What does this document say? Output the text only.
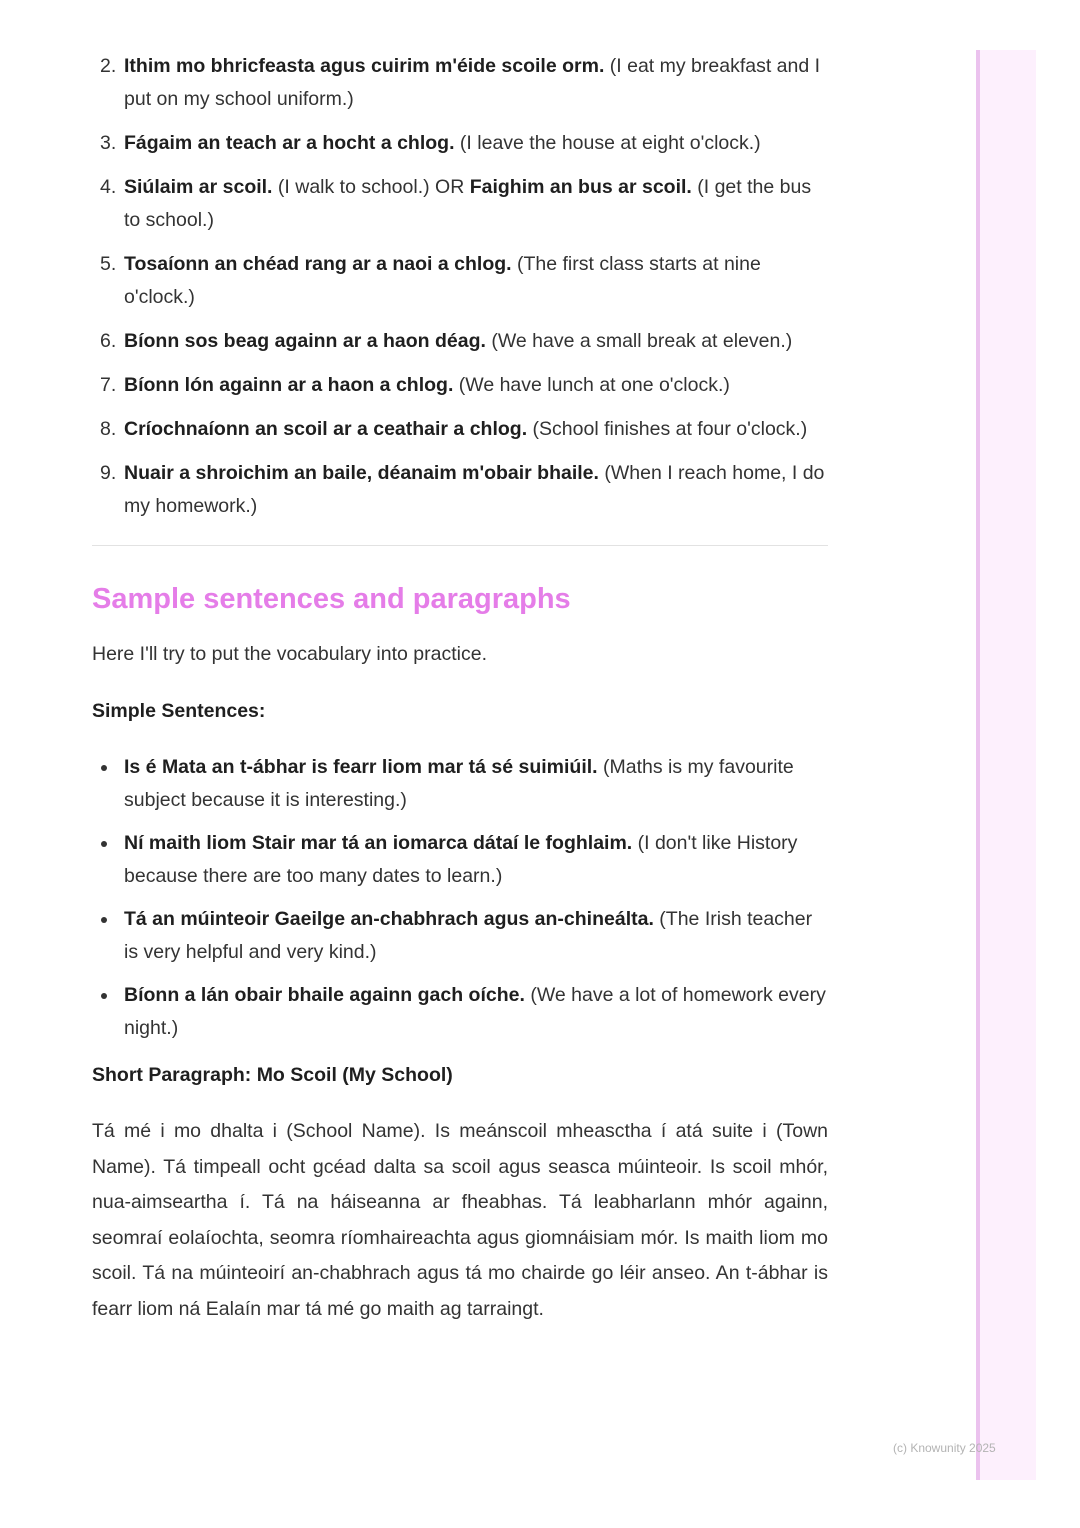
2. Ithim mo bhricfeasta agus cuirim m'éide scoile orm. (I eat my breakfast and I put on my school uniform.)
3. Fágaim an teach ar a hocht a chlog. (I leave the house at eight o'clock.)
4. Siúlaim ar scoil. (I walk to school.) OR Faighim an bus ar scoil. (I get the bus to school.)
5. Tosaíonn an chéad rang ar a naoi a chlog. (The first class starts at nine o'clock.)
6. Bíonn sos beag againn ar a haon déag. (We have a small break at eleven.)
7. Bíonn lón againn ar a haon a chlog. (We have lunch at one o'clock.)
8. Críochnaíonn an scoil ar a ceathair a chlog. (School finishes at four o'clock.)
9. Nuair a shroichim an baile, déanaim m'obair bhaile. (When I reach home, I do my homework.)
Sample sentences and paragraphs

Here I'll try to put the vocabulary into practice.

Simple Sentences:
Is é Mata an t-ábhar is fearr liom mar tá sé suimiúil. (Maths is my favourite subject because it is interesting.)
Ní maith liom Stair mar tá an iomarca dátaí le foghlaim. (I don't like History because there are too many dates to learn.)
Tá an múinteoir Gaeilge an-chabhrach agus an-chineálta. (The Irish teacher is very helpful and very kind.)
Bíonn a lán obair bhaile againn gach oíche. (We have a lot of homework every night.)
Short Paragraph: Mo Scoil (My School)

Tá mé i mo dhalta i (School Name). Is meánscoil mheasctha í atá suite i (Town Name). Tá timpeall ocht gcéad dalta sa scoil agus seasca múinteoir. Is scoil mhór, nua-aimseartha í. Tá na háiseanna ar fheabhas. Tá leabharlann mhór againn, seomraí eolaíochta, seomra ríomhaireachta agus giomnáisiam mór. Is maith liom mo scoil. Tá na múinteoirí an-chabhrach agus tá mo chairde go léir anseo. An t-ábhar is fearr liom ná Ealaín mar tá mé go maith ag tarraingt.

(c) Knowunity 2025
